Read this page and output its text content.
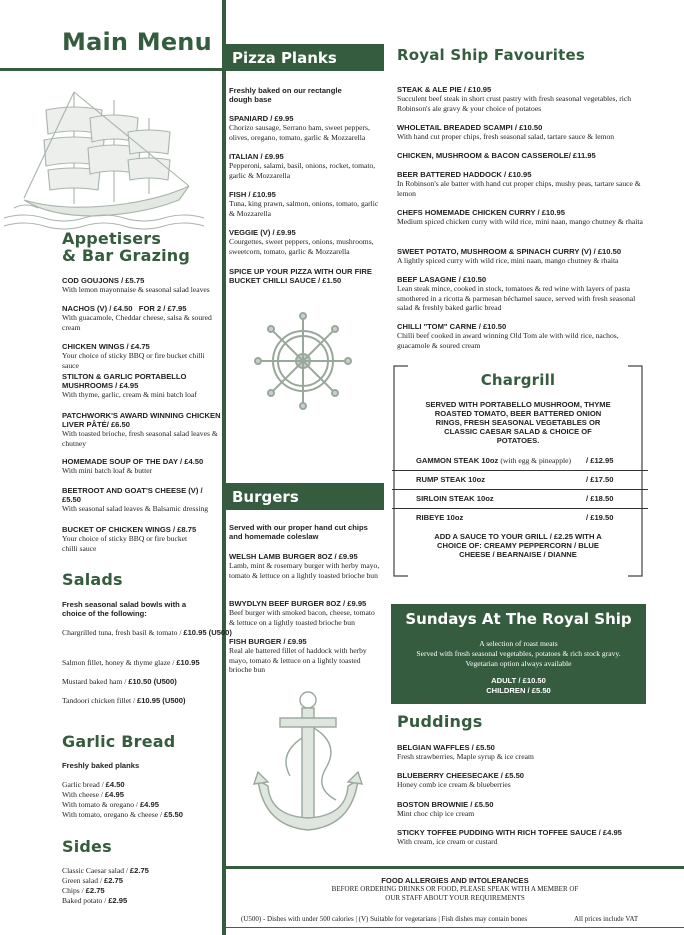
Main Menu
Appetisers
& Bar Grazing
COD GOUJONS / £5.75
With lemon mayonnaise & seasonal salad leaves
NACHOS (V) / £4.50   FOR 2 / £7.95
With guacamole, Cheddar cheese, salsa & soured cream
CHICKEN WINGS / £4.75
Your choice of sticky BBQ or fire bucket chilli sauce
STILTON & GARLIC PORTABELLO MUSHROOMS / £4.95
With thyme, garlic, cream & mini batch loaf
PATCHWORK'S AWARD WINNING CHICKEN LIVER PÂTÉ/ £6.50
With toasted brioche, fresh seasonal salad leaves & chutney
HOMEMADE SOUP OF THE DAY / £4.50
With mini batch loaf & butter
BEETROOT AND GOAT'S CHEESE (V) / £5.50
With seasonal salad leaves & Balsamic dressing
BUCKET OF CHICKEN WINGS / £8.75
Your choice of sticky BBQ or fire bucket chilli sauce
Salads
Fresh seasonal salad bowls with a choice of the following:
Chargrilled tuna, fresh basil & tomato / £10.95 (U500)
Salmon fillet, honey & thyme glaze / £10.95
Mustard baked ham / £10.50 (U500)
Tandoori chicken fillet / £10.95 (U500)
Garlic Bread
Freshly baked planks
Garlic bread / £4.50
With cheese / £4.95
With tomato & oregano / £4.95
With tomato, oregano & cheese / £5.50
Sides
Classic Caesar salad / £2.75
Green salad / £2.75
Chips / £2.75
Baked potato / £2.95
Pizza Planks
Freshly baked on our rectangle dough base
SPANIARD / £9.95
Chorizo sausage, Serrano ham, sweet peppers, olives, oregano, tomato, garlic & Mozzarella
ITALIAN / £9.95
Pepperoni, salami, basil, onions, rocket, tomato, garlic & Mozzarella
FISH / £10.95
Tuna, king prawn, salmon, onions, tomato, garlic & Mozzarella
VEGGIE (V) / £9.95
Courgettes, sweet peppers, onions, mushrooms, sweetcorn, tomato, garlic & Mozzarella
SPICE UP YOUR PIZZA WITH OUR FIRE BUCKET CHILLI SAUCE / £1.50
Burgers
Served with our proper hand cut chips and homemade coleslaw
WELSH LAMB BURGER 8OZ / £9.95
Lamb, mint & rosemary burger with herby mayo, tomato & lettuce on a lightly toasted brioche bun
BWYDLYN BEEF BURGER 8OZ / £9.95
Beef burger with smoked bacon, cheese, tomato & lettuce on a lightly toasted brioche bun
FISH BURGER / £9.95
Real ale battered fillet of haddock with herby mayo, tomato & lettuce on a lightly toasted brioche bun
Royal Ship Favourites
STEAK & ALE PIE / £10.95
Succulent beef steak in short crust pastry with fresh seasonal vegetables, rich Robinson's ale gravy & your choice of potatoes
WHOLETAIL BREADED SCAMPI / £10.50
With hand cut proper chips, fresh seasonal salad, tartare sauce & lemon
CHICKEN, MUSHROOM & BACON CASSEROLE/ £11.95
BEER BATTERED HADDOCK / £10.95
In Robinson's ale batter with hand cut proper chips, mushy peas, tartare sauce & lemon
CHEFS HOMEMADE CHICKEN CURRY / £10.95
Medium spiced chicken curry with wild rice, mini naan, mango chutney & rhaita
SWEET POTATO, MUSHROOM & SPINACH CURRY (V) / £10.50
A lightly spiced curry with wild rice, mini naan, mango chutney & rhaita
BEEF LASAGNE / £10.50
Lean steak mince, cooked in stock, tomatoes & red wine with layers of pasta smothered in a ricotta & parmesan béchamel sauce, served with fresh seasonal salad & freshly baked garlic bread
CHILLI "TOM" CARNE / £10.50
Chilli beef cooked in award winning Old Tom ale with wild rice, nachos, guacamole & soured cream
Chargrill
SERVED WITH PORTABELLO MUSHROOM, THYME ROASTED TOMATO, BEER BATTERED ONION RINGS, FRESH SEASONAL VEGETABLES OR CLASSIC CAESAR SALAD & CHOICE OF POTATOES.
GAMMON STEAK 10oz (with egg & pineapple) / £12.95
RUMP STEAK 10oz	/ £17.50
SIRLOIN STEAK 10oz	/ £18.50
RIBEYE 10oz	/ £19.50
ADD A SAUCE TO YOUR GRILL / £2.25 WITH A CHOICE OF: CREAMY PEPPERCORN / BLUE CHEESE / BEARNAISE / DIANNE
Sundays At The Royal Ship
A selection of roast meats
Served with fresh seasonal vegetables, potatoes & rich stock gravy.
Vegetarian option always available
ADULT / £10.50
CHILDREN / £5.50
Puddings
BELGIAN WAFFLES / £5.50
Fresh strawberries, Maple syrup & ice cream
BLUEBERRY CHEESECAKE / £5.50
Honey comb ice cream & blueberries
BOSTON BROWNIE / £5.50
Mint choc chip ice cream
STICKY TOFFEE PUDDING WITH RICH TOFFEE SAUCE / £4.95
With cream, ice cream or custard
FOOD ALLERGIES AND INTOLERANCES
BEFORE ORDERING DRINKS OR FOOD, PLEASE SPEAK WITH A MEMBER OF
OUR STAFF ABOUT YOUR REQUIREMENTS
(U500) - Dishes with under 500 calories | (V) Suitable for vegetarians | Fish dishes may contain bones	All prices include VAT
